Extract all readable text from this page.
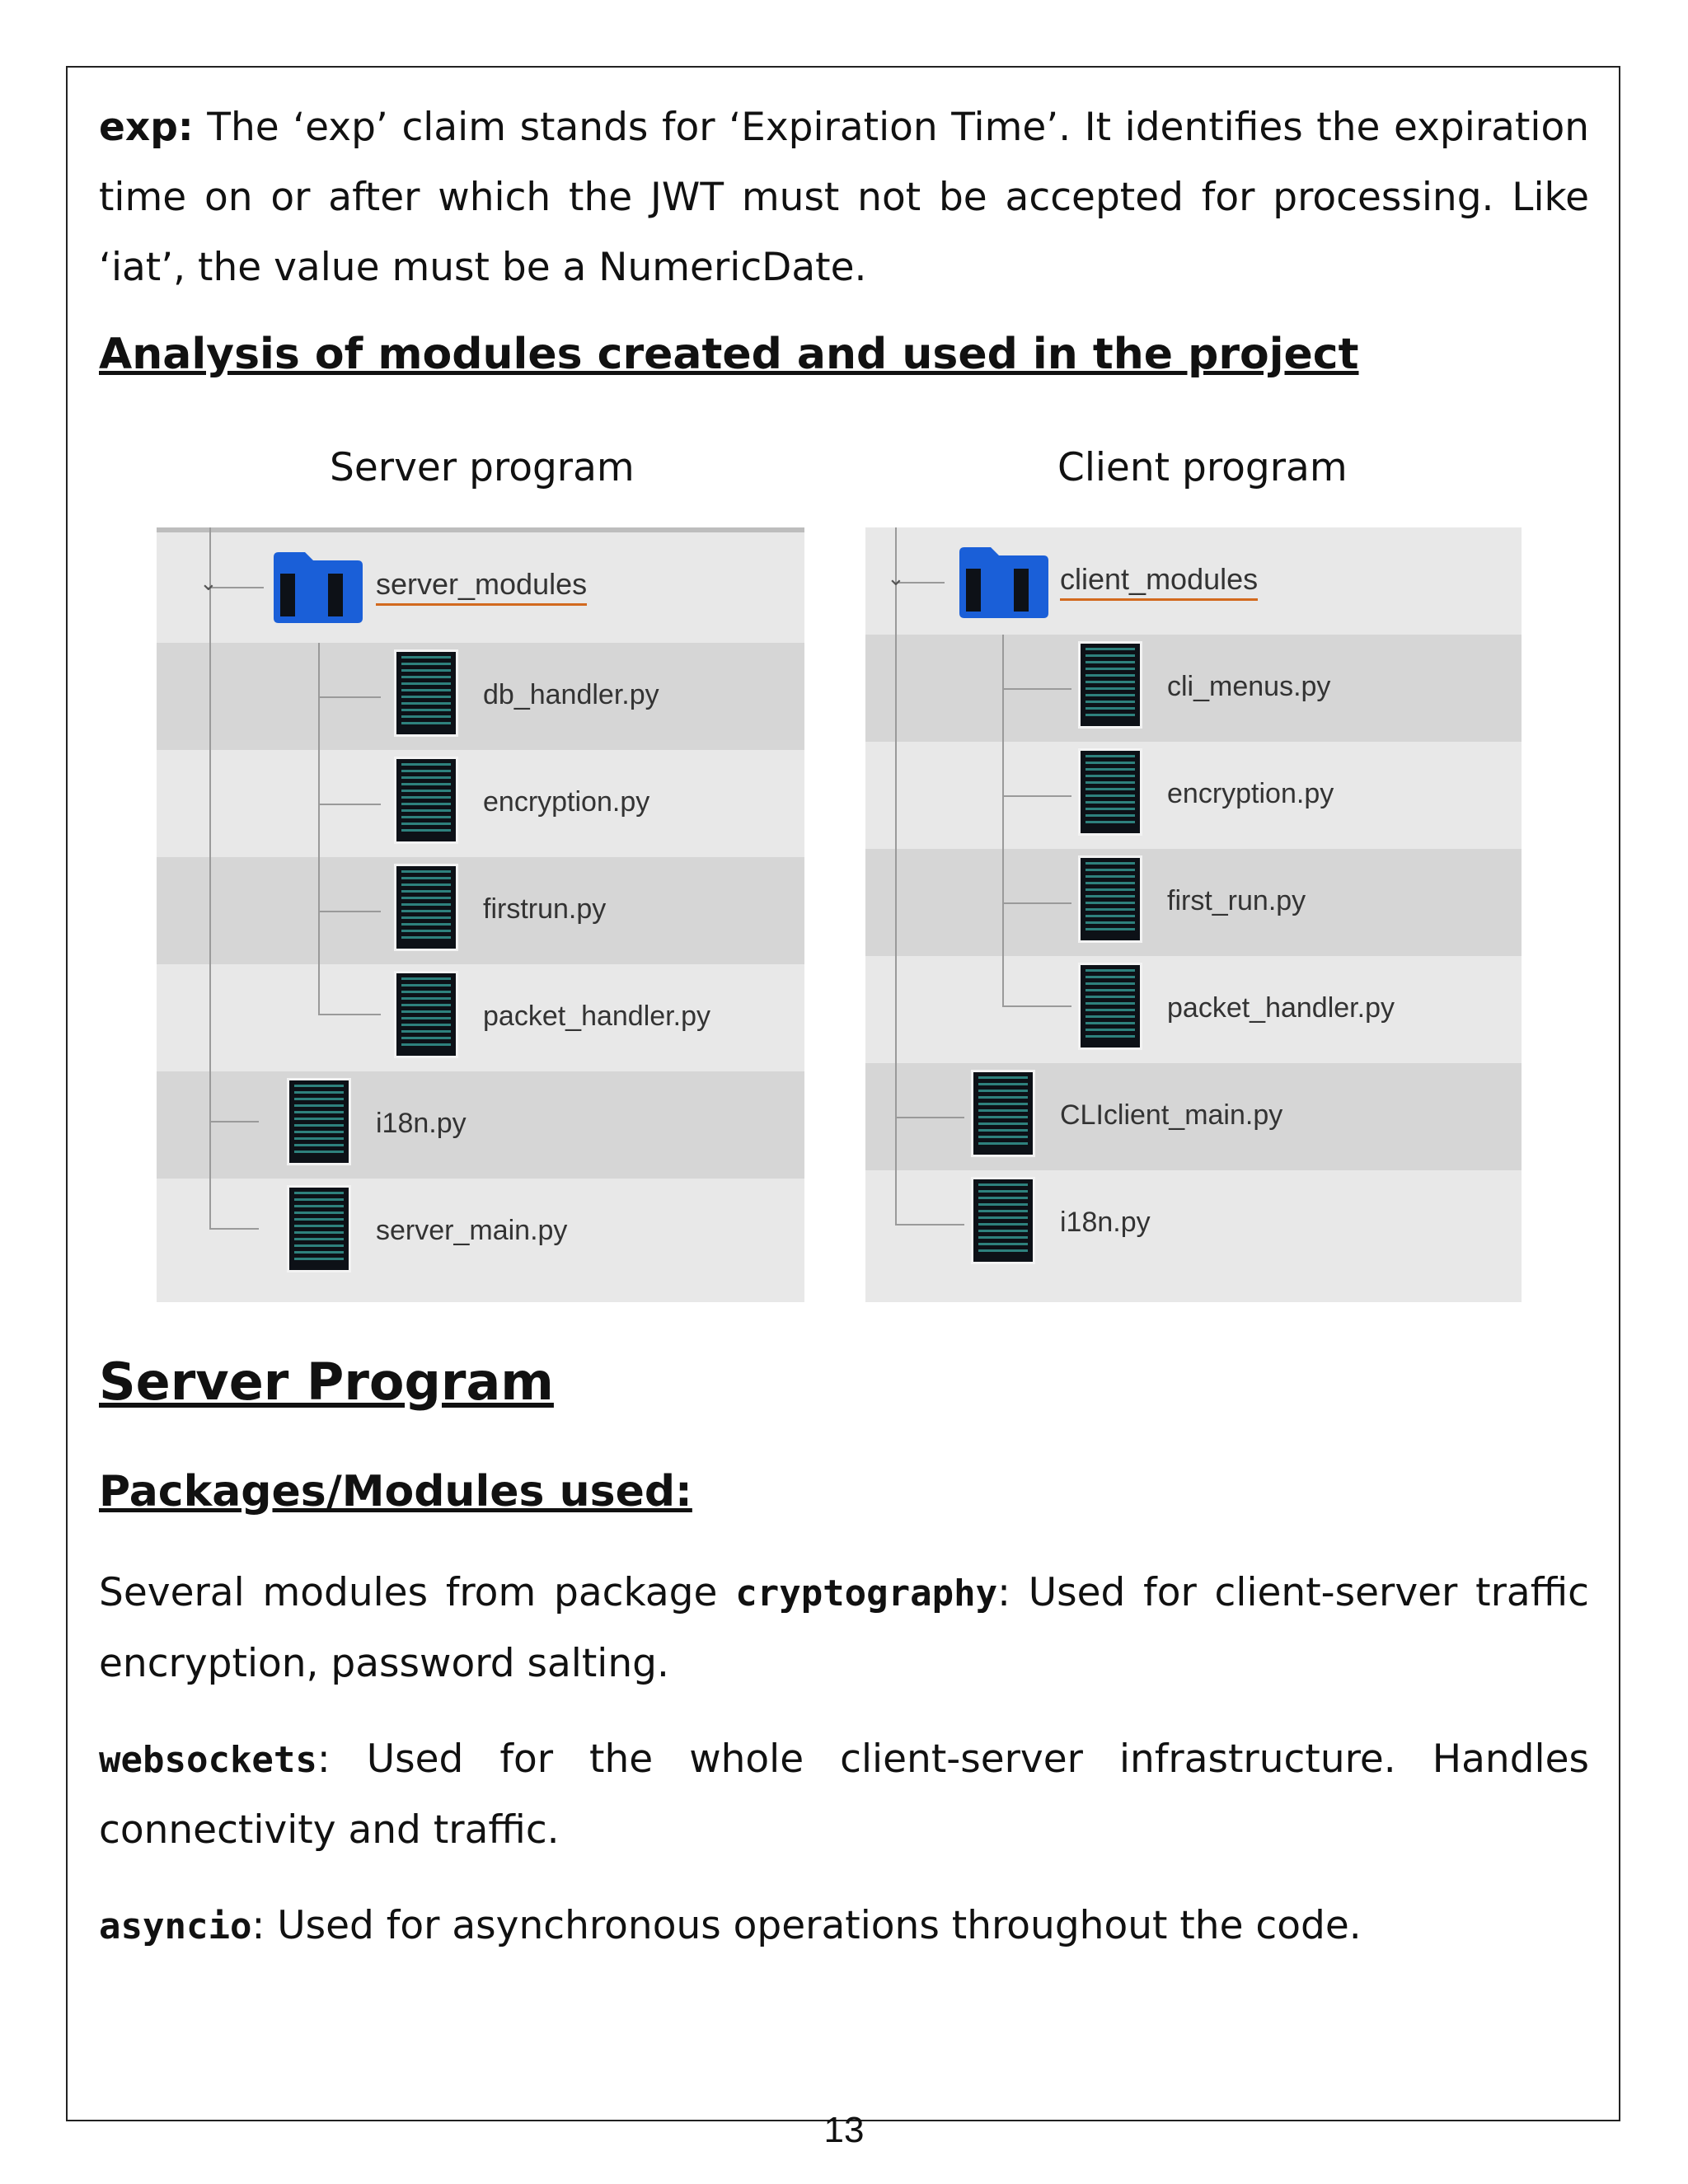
exp: The ‘exp’ claim stands for ‘Expiration Time’. It identifies the expiration time on or after which the JWT must not be accepted for processing. Like ‘iat’, the value must be a NumericDate.

Analysis of modules created and used in the project
Server program	Client program
⌄	server_modules
db_handler.py
encryption.py
firstrun.py
packet_handler.py
i18n.py
server_main.py
⌄	client_modules
cli_menus.py
encryption.py
first_run.py
packet_handler.py
CLIclient_main.py
i18n.py
Server Program
Packages/Modules used:

Several modules from package cryptography: Used for client-server traffic encryption, password salting.

websockets: Used for the whole client-server infrastructure. Handles connectivity and traffic.

asyncio: Used for asynchronous operations throughout the code.

13
